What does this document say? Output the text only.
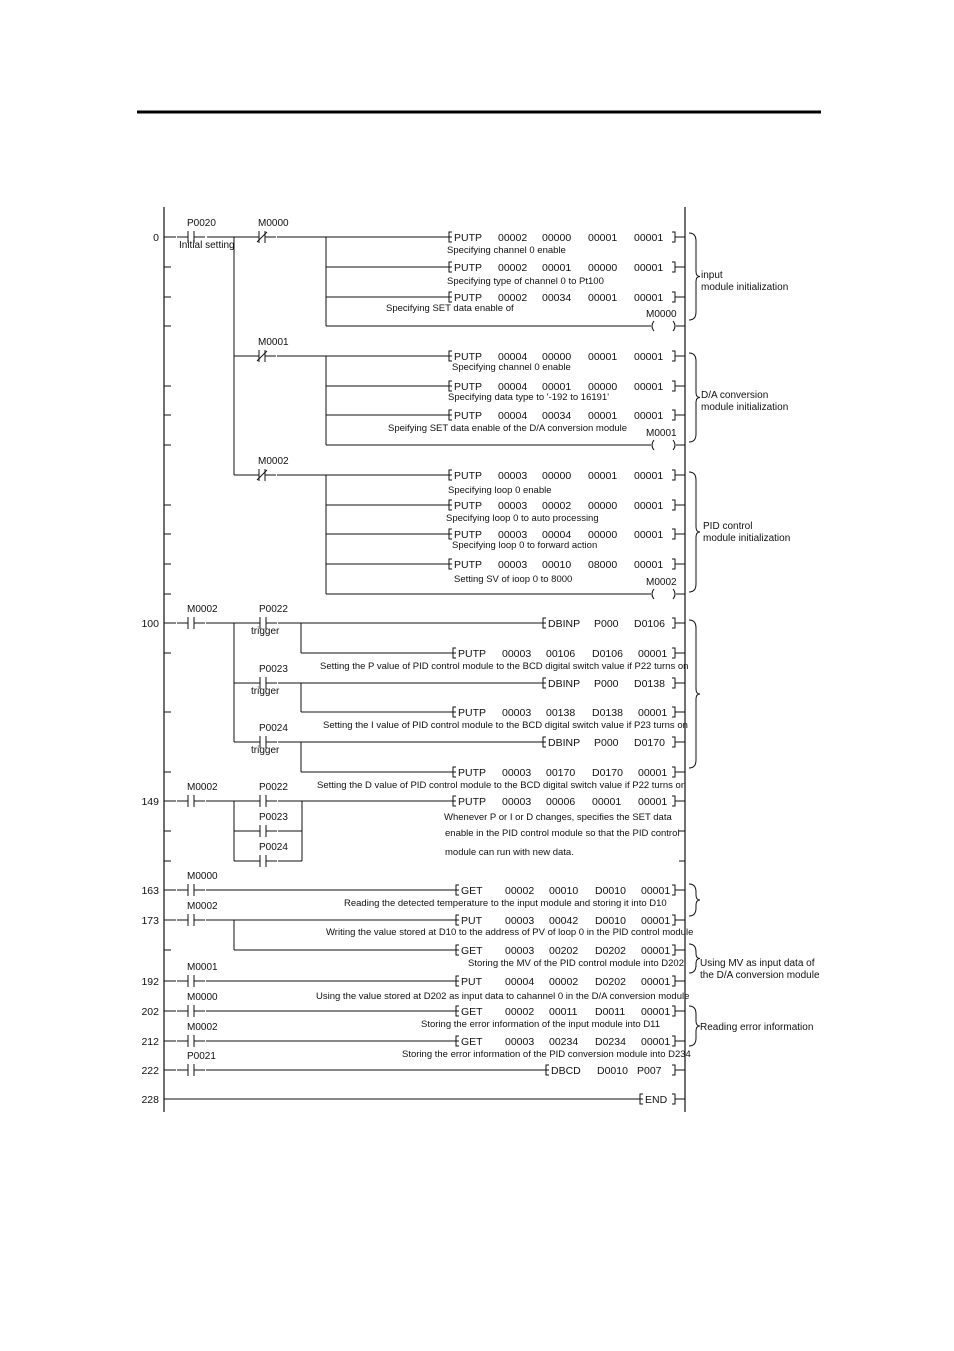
P0020
Initial setting
M0000
M0001
M0002
M0002	P0022
trigger
P0023
trigger
P0024
trigger
M0002	P0022
P0023
P0024
M0000
M0002
M0001
M0000
M0002
P0021
PUTP 00002 00000 00001 00001
PUTP 00002 00001 00000 00001
PUTP 00002 00034 00001 00001
PUTP 00004 00000 00001 00001
PUTP 00004 00001 00000 00001
PUTP 00004 00034 00001 00001
PUTP 00003 00000 00001 00001
PUTP 00003 00002 00000 00001
PUTP 00003 00004 00000 00001
PUTP 00003 00010 08000 00001
DBINP P000 D0106
PUTP 00003 00106 D0106 00001
DBINP P000 D0138
PUTP 00003 00138 D0138 00001
DBINP P000 D0170
PUTP 00003 00170 D0170 00001
PUTP 00003 00006 00001 00001
GET 00002 00010 D0010 00001
PUT 00003 00042 D0010 00001
GET 00003 00202 D0202 00001
PUT 00004 00002 D0202 00001
GET 00002 00011 D0011 00001
GET 00003 00234 D0234 00001
DBCD D0010 P007
END
M0000
M0001
M0002
Specifying channel 0 enable
Specifying type of channel 0 to Pt100
Specifying SET data enable of
Specifying channel 0 enable
Specifying data type to '-192 to 16191'
Speifying SET data enable of the D/A conversion module
Specifying loop 0 enable
Specifying loop 0 to auto processing
Specifying loop 0 to forward action
Setting SV of ioop 0 to 8000
Setting the P value of PID control module to the BCD digital switch value if P22 turns on
Setting the I value of PID control module to the BCD digital switch value if P23 turns on
Setting the D value of PID control module to the BCD digital switch value if P22 turns on
Whenever P or I or D changes, specifies the SET data
enable in the PID control module so that the PID control
module can run with new data.
Reading the detected temperature to the input module and storing it into D10
Writing the value stored at D10 to the address of PV of loop 0 in the PID control module
Storing the MV of the PID control module into D202
Using the value stored at D202 as input data to cahannel 0 in the D/A conversion module
Storing the error information of the input module into D11
Storing the error information of the PID conversion module into D234
0
100
149
163
173
192
202
212
222
228
input
module initialization
D/A conversion
module initialization
PID control
module initialization
Using MV as input data of
the D/A conversion module
Reading error information
